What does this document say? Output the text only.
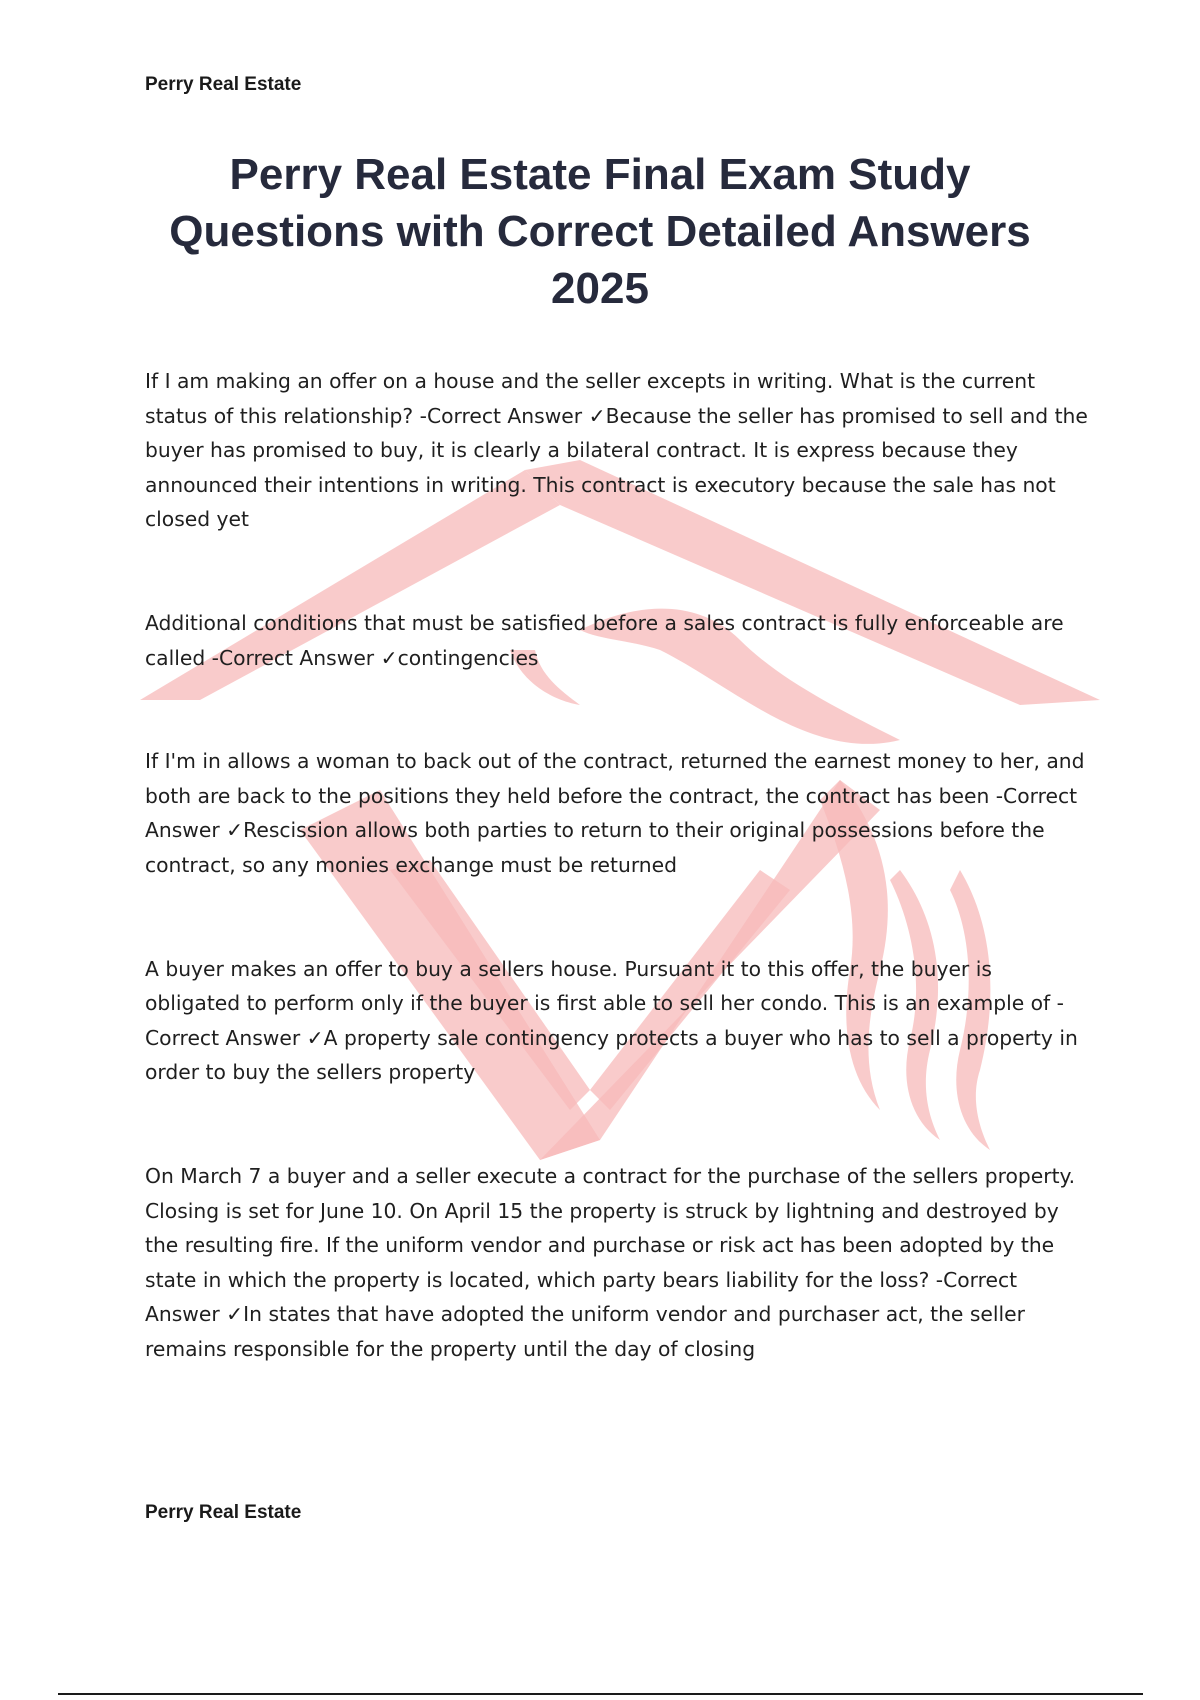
Perry Real Estate
Perry Real Estate Final Exam Study Questions with Correct Detailed Answers 2025

If I am making an offer on a house and the seller excepts in writing. What is the current status of this relationship? -Correct Answer ✓Because the seller has promised to sell and the buyer has promised to buy, it is clearly a bilateral contract. It is express because they announced their intentions in writing. This contract is executory because the sale has not closed yet

Additional conditions that must be satisfied before a sales contract is fully enforceable are called -Correct Answer ✓contingencies

If I'm in allows a woman to back out of the contract, returned the earnest money to her, and both are back to the positions they held before the contract, the contract has been -Correct Answer ✓Rescission allows both parties to return to their original possessions before the contract, so any monies exchange must be returned

A buyer makes an offer to buy a sellers house. Pursuant it to this offer, the buyer is obligated to perform only if the buyer is first able to sell her condo. This is an example of -Correct Answer ✓A property sale contingency protects a buyer who has to sell a property in order to buy the sellers property

On March 7 a buyer and a seller execute a contract for the purchase of the sellers property. Closing is set for June 10. On April 15 the property is struck by lightning and destroyed by the resulting fire. If the uniform vendor and purchase or risk act has been adopted by the state in which the property is located, which party bears liability for the loss? -Correct Answer ✓In states that have adopted the uniform vendor and purchaser act, the seller remains responsible for the property until the day of closing

Perry Real Estate
